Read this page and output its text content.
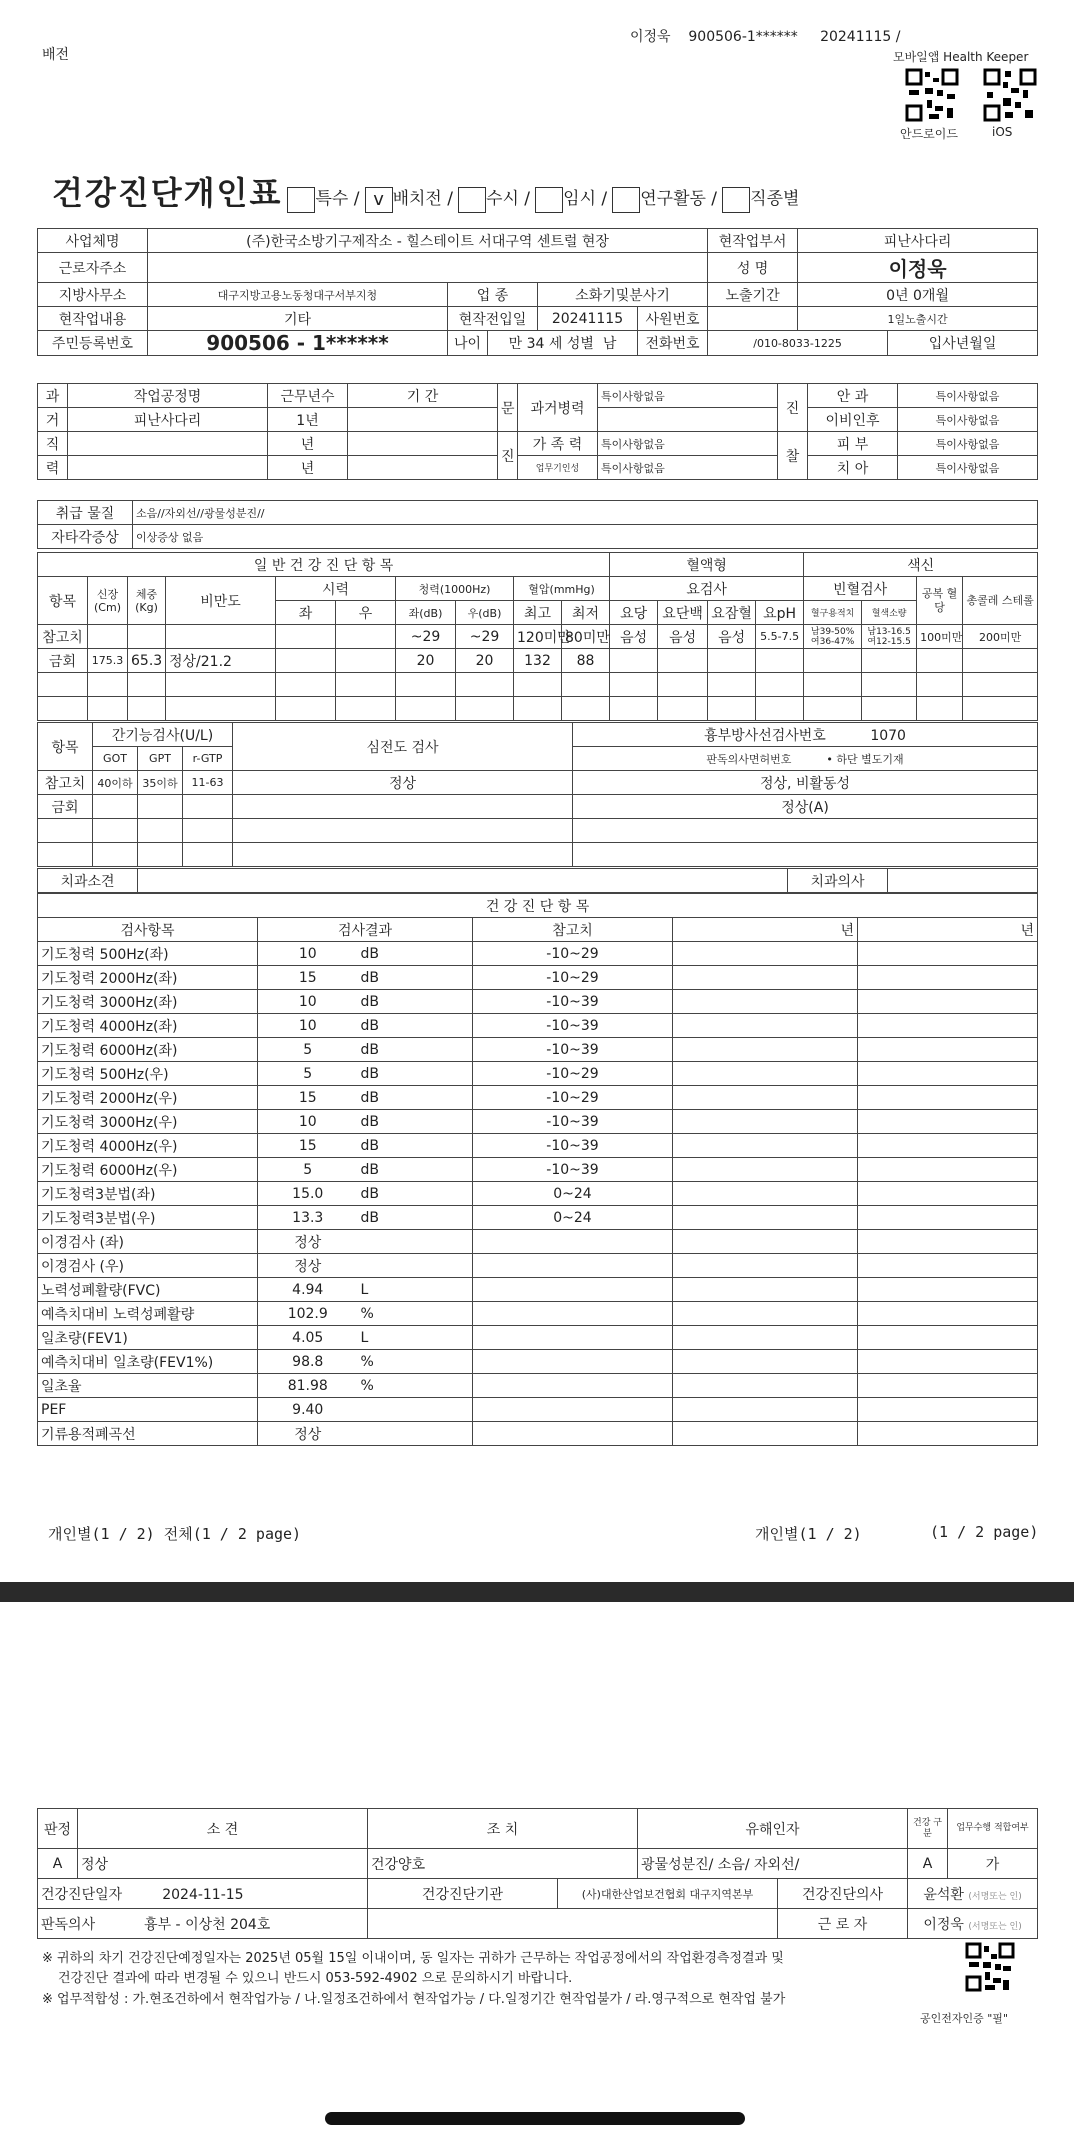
배전
이정욱 900506-1****** 20241115 /
모바일앱 Health Keeper
안드로이드	iOS
건강진단개인표 특수 / v 배치전 / 수시 / 임시 / 연구활동 / 직종별
사업체명	(주)한국소방기구제작소 - 힐스테이트 서대구역 센트럴 현장					현작업부서	피난사다리		
근로자주소						성 명	이정욱		
지방사무소	대구지방고용노동청대구서부지청	업 종		소화기및분사기		노출기간	0년 0개월		
현작업내용	기타	현작전입일		20241115	사원번호		1일노출시간		
주민등록번호	900506 - 1******	나이	만 34 세 성별 남		전화번호	/010-8033-1225		입사년월일	
과	작업공정명	근무년수	기 간	문	과거병력	특이사항없음	진	안 과	특이사항없음
거	피난사다리	1년						이비인후	특이사항없음
직		년		진	가 족 력	특이사항없음	찰	피 부	특이사항없음
력		년			업무기인성	특이사항없음		치 아	특이사항없음
취급 물질	소음//자외선//광물성분진//
자타각증상	이상증상 없음
일 반 건 강 진 단 항 목										혈액형				색신			
항목	신장 (Cm)	체중 (Kg)	비만도	시력		청력(1000Hz)		혈압(mmHg)		요검사				빈혈검사		공복 혈당	총콜레 스테롤
				좌	우	좌(dB)	우(dB)	최고	최저	요당	요단백	요잠혈	요pH	혈구용적치	혈색소량		
참고치						~29	~29	120미만	80미만	음성	음성	음성	5.5-7.5	남39-50% 여36-47%	남13-16.5 여12-15.5	100미만	200미만
금회	175.3	65.3	정상/21.2			20	20	132	88								

항목	간기능검사(U/L)			심전도 검사	흉부방사선검사번호 1070
	GOT	GPT	r-GTP		판독의사면허번호 • 하단 별도기재
참고치	40이하	35이하	11-63	정상	정상, 비활동성
금회					정상(A)

치과소견		치과의사	
건 강 진 단 항 목					
검사항목	검사결과		참고치	년	년
기도청력 500Hz(좌)	10	dB	-10~29		
기도청력 2000Hz(좌)	15	dB	-10~29		
기도청력 3000Hz(좌)	10	dB	-10~39		
기도청력 4000Hz(좌)	10	dB	-10~39		
기도청력 6000Hz(좌)	5	dB	-10~39		
기도청력 500Hz(우)	5	dB	-10~29		
기도청력 2000Hz(우)	15	dB	-10~29		
기도청력 3000Hz(우)	10	dB	-10~39		
기도청력 4000Hz(우)	15	dB	-10~39		
기도청력 6000Hz(우)	5	dB	-10~39		
기도청력3분법(좌)	15.0	dB	0~24		
기도청력3분법(우)	13.3	dB	0~24		
이경검사 (좌)	정상				
이경검사 (우)	정상				
노력성폐활량(FVC)	4.94	L			
예측치대비 노력성폐활량	102.9	%			
일초량(FEV1)	4.05	L			
예측치대비 일초량(FEV1%)	98.8	%			
일초율	81.98	%			
PEF	9.40				
기류용적폐곡선	정상				
개인별(1 / 2) 전체(1 / 2 page)	개인별(1 / 2)	(1 / 2 page)
판정	소 견	조 치		유해인자		건강 구분	업무수행 적합여부
A	정상	건강양호		광물성분진/ 소음/ 자외선/		A	가
건강진단일자 2024-11-15		건강진단기관	(사)대한산업보건협회 대구지역본부		건강진단의사	윤석환 (서명또는 인)	
판독의사 흉부 - 이상천 204호					근 로 자	이정욱 (서명또는 인)	
※ 귀하의 차기 건강진단예정일자는 2025년 05월 15일 이내이며, 동 일자는 귀하가 근무하는 작업공정에서의 작업환경측정결과 및
건강진단 결과에 따라 변경될 수 있으니 반드시 053-592-4902 으로 문의하시기 바랍니다.
※ 업무적합성 : 가.현조건하에서 현작업가능 / 나.일정조건하에서 현작업가능 / 다.일정기간 현작업불가 / 라.영구적으로 현작업 불가
공인전자인증 "필"
